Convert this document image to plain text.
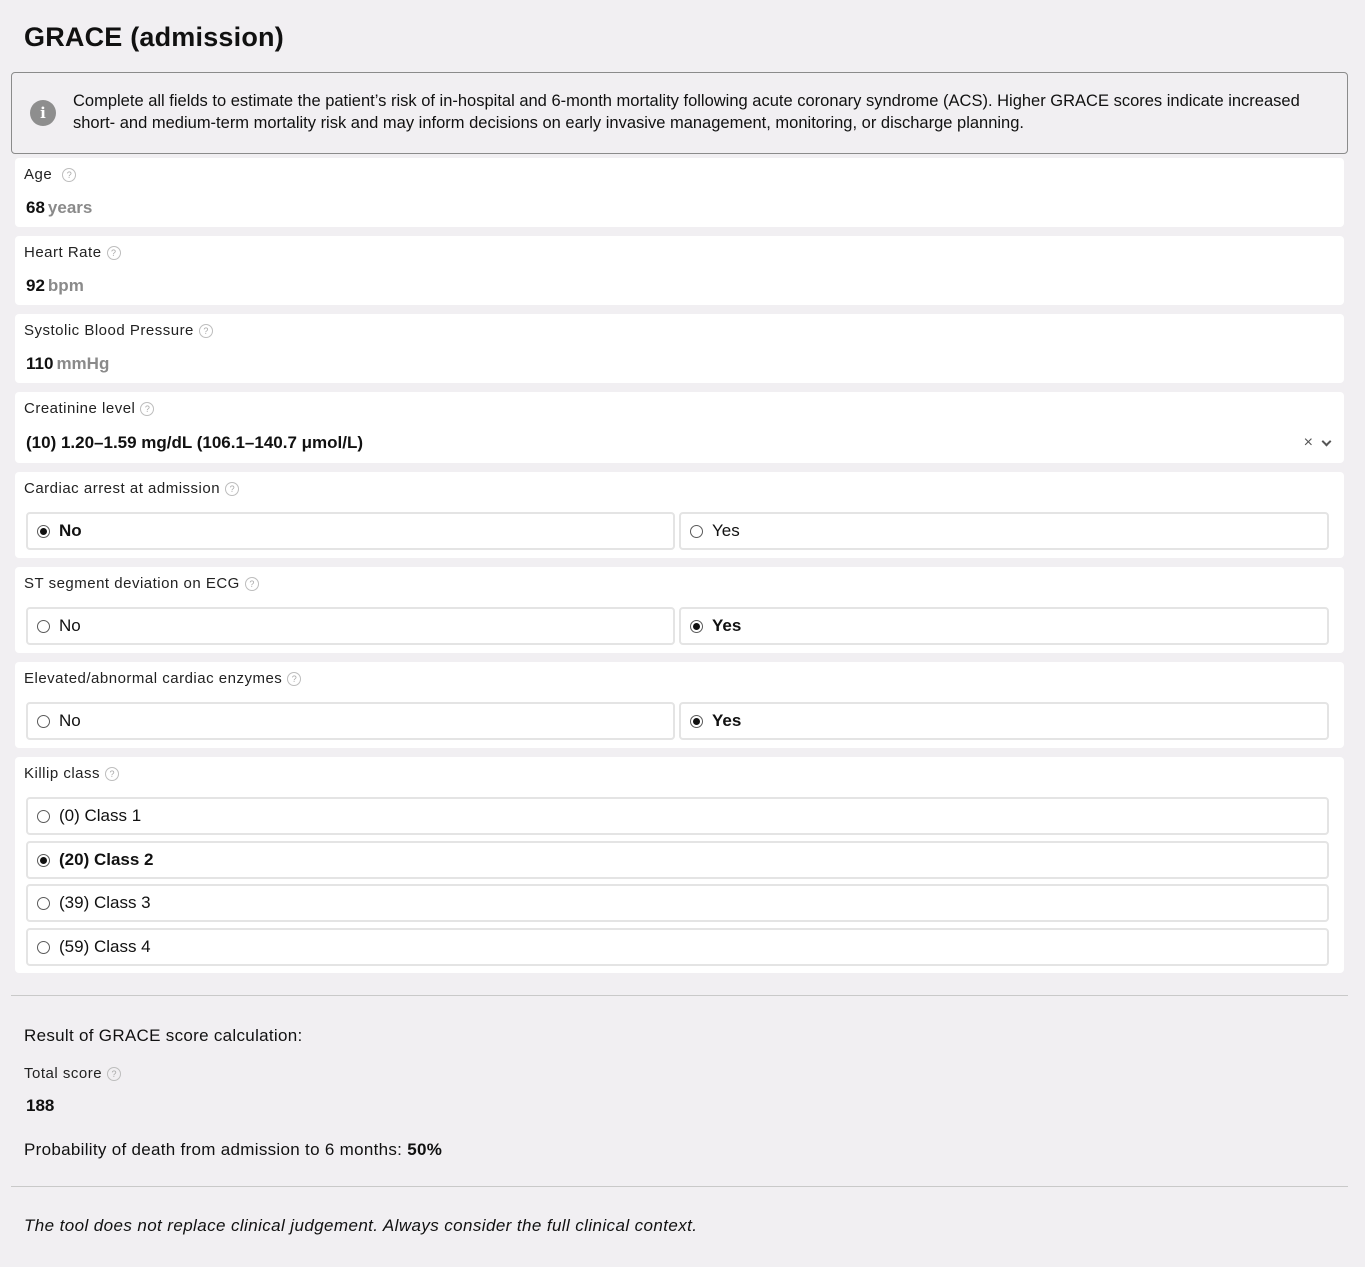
GRACE (admission)
i
Complete all fields to estimate the patient’s risk of in-hospital and 6-month mortality following acute coronary syndrome (ACS). Higher GRACE scores indicate increased short- and medium-term mortality risk and may inform decisions on early invasive management, monitoring, or discharge planning.
Age	?
68 years
Heart Rate	?
92 bpm
Systolic Blood Pressure	?
110 mmHg
Creatinine level	?
(10) 1.20–1.59 mg/dL (106.1–140.7 μmol/L)	×
Cardiac arrest at admission	?
No	Yes
ST segment deviation on ECG	?
No	Yes
Elevated/abnormal cardiac enzymes	?
No	Yes
Killip class	?
(0) Class 1
(20) Class 2
(39) Class 3
(59) Class 4
Result of GRACE score calculation:
Total score	?
188
Probability of death from admission to 6 months: 50%
The tool does not replace clinical judgement. Always consider the full clinical context.
